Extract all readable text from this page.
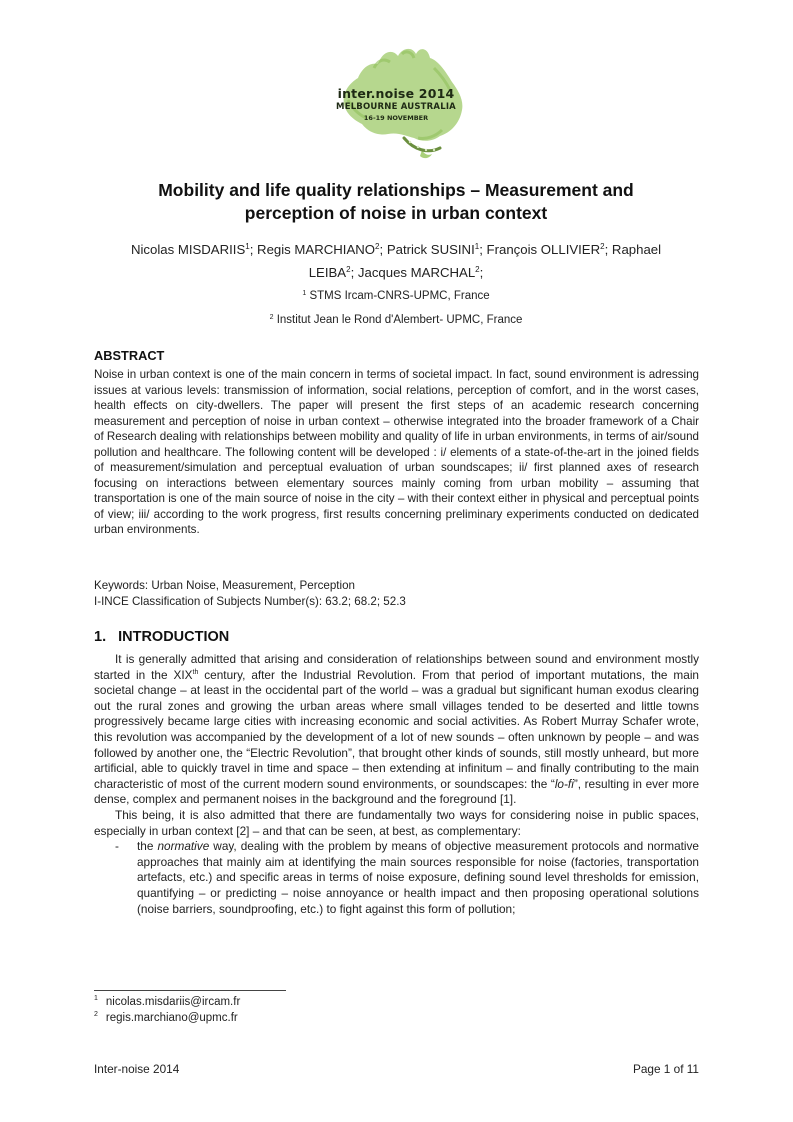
inter.noise 2014
MELBOURNE AUSTRALIA
16-19 NOVEMBER
Mobility and life quality relationships – Measurement and
perception of noise in urban context
Nicolas MISDARIIS$^1$; Regis MARCHIANO$^2$; Patrick SUSINI$^1$; François OLLIVIER$^2$; Raphael
LEIBA$^2$; Jacques MARCHAL$^2$;
$^1$ STMS Ircam-CNRS-UPMC, France
$^2$ Institut Jean le Rond d'Alembert- UPMC, France
ABSTRACT
Noise in urban context is one of the main concern in terms of societal impact. In fact, sound environment is adressing issues at various levels: transmission of information, social relations, perception of comfort, and in the worst cases, health effects on city-dwellers. The paper will present the first steps of an academic research concerning measurement and perception of noise in urban context – otherwise integrated into the broader framework of a Chair of Research dealing with relationships between mobility and quality of life in urban environments, in terms of air/sound pollution and healthcare. The following content will be developed : i/ elements of a state-of-the-art in the joined fields of measurement/simulation and perceptual evaluation of urban soundscapes; ii/ first planned axes of research focusing on interactions between elementary sources mainly coming from urban mobility – assuming that transportation is one of the main source of noise in the city – with their context either in physical and perceptual points of view; iii/ according to the work progress, first results concerning preliminary experiments conducted on dedicated urban environments.
Keywords: Urban Noise, Measurement, Perception
I-INCE Classification of Subjects Number(s): 63.2; 68.2; 52.3
1. INTRODUCTION

It is generally admitted that arising and consideration of relationships between sound and environment mostly started in the XIXth century, after the Industrial Revolution. From that period of important mutations, the main societal change – at least in the occidental part of the world – was a gradual but significant human exodus clearing out the rural zones and growing the urban areas where small villages tended to be deserted and little towns progressively became large cities with increasing economic and social activities. As Robert Murray Schafer wrote, this revolution was accompanied by the development of a lot of new sounds – often unknown by people – and was followed by another one, the “Electric Revolution”, that brought other kinds of sounds, still mostly unheard, but more artificial, able to quickly travel in time and space – then extending at infinitum – and finally contributing to the main characteristic of most of the current modern sound environments, or soundscapes: the “lo-fi”, resulting in ever more dense, complex and permanent noises in the background and the foreground [1].

This being, it is also admitted that there are fundamentally two ways for considering noise in public spaces, especially in urban context [2] – and that can be seen, at best, as complementary:

- the normative way, dealing with the problem by means of objective measurement protocols and normative approaches that mainly aim at identifying the main sources responsible for noise (factories, transportation artefacts, etc.) and specific areas in terms of noise exposure, defining sound level thresholds for emission, quantifying – or predicting – noise annoyance or health impact and then proposing operational solutions (noise barriers, soundproofing, etc.) to fight against this form of pollution;
$^1$ nicolas.misdariis@ircam.fr
$^2$ regis.marchiano@upmc.fr
Inter-noise 2014	Page 1 of 11
